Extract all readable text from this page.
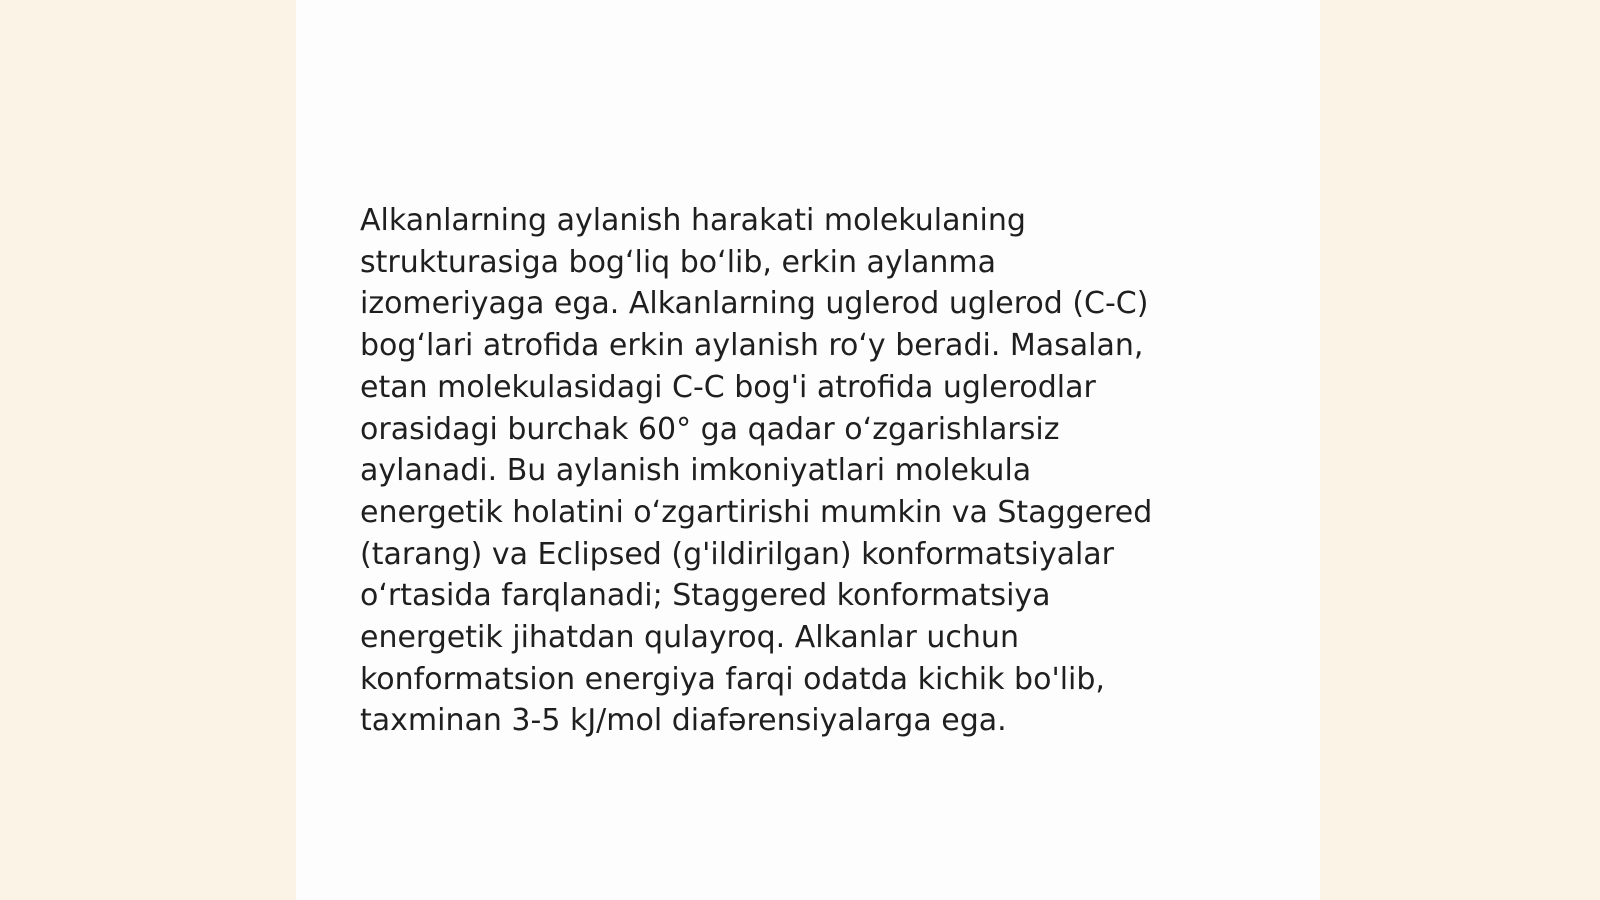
Alkanlarning aylanish harakati molekulaning
strukturasiga bog‘liq bo‘lib, erkin aylanma
izomeriyaga ega. Alkanlarning uglerod uglerod (C-C)
bog‘lari atrofida erkin aylanish ro‘y beradi. Masalan,
etan molekulasidagi C-C bog'i atrofida uglerodlar
orasidagi burchak 60° ga qadar o‘zgarishlarsiz
aylanadi. Bu aylanish imkoniyatlari molekula
energetik holatini o‘zgartirishi mumkin va Staggered
(tarang) va Eclipsed (g'ildirilgan) konformatsiyalar
o‘rtasida farqlanadi; Staggered konformatsiya
energetik jihatdan qulayroq. Alkanlar uchun
konformatsion energiya farqi odatda kichik bo'lib,
taxminan 3-5 kJ/mol diafərensiyalarga ega.
